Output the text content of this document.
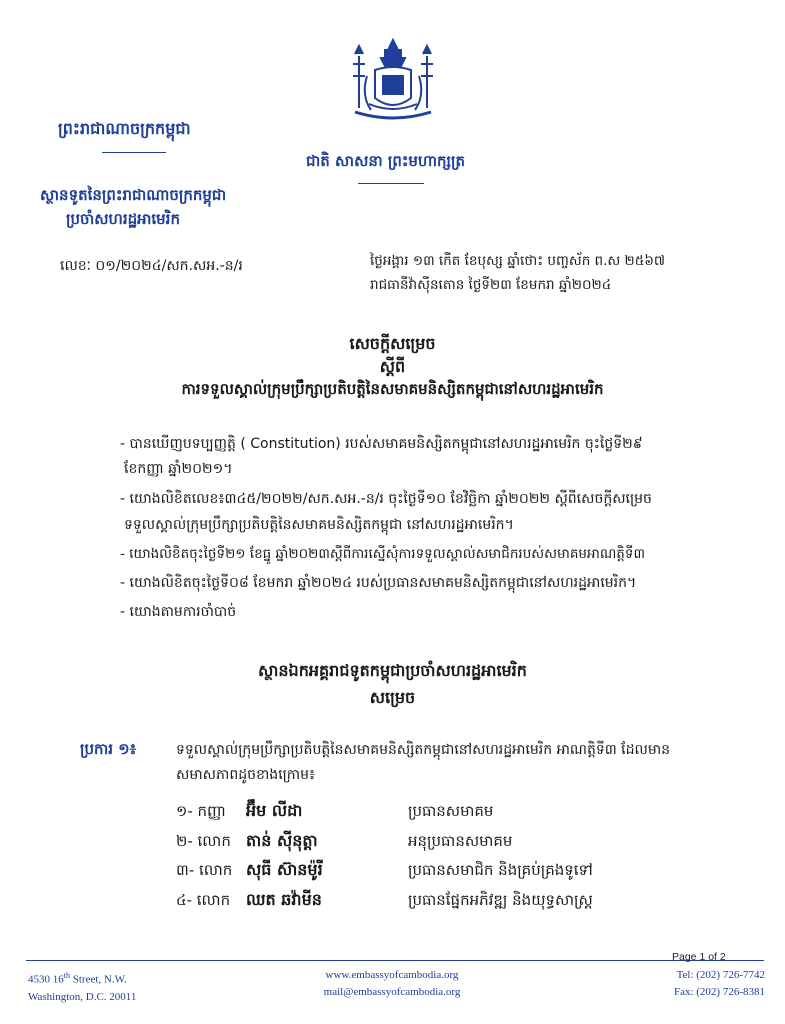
ព្រះរាជាណាចក្រកម្ពុជា
ជាតិ សាសនា ព្រះមហាក្សត្រ
ស្ថានទូតនៃព្រះរាជាណាចក្រកម្ពុជា
ប្រចាំសហរដ្ឋអាមេរិក
លេខៈ ០១/២០២៤/សក.សអ.-ន/រ	ថ្ងៃអង្គារ ១៣ កើត ខែបុស្ស ឆ្នាំថោះ បញ្ចស័ក ព.ស ២៥៦៧
រាជធានីវ៉ាស៊ីនតោន ថ្ងៃទី២៣ ខែមករា ឆ្នាំ២០២៤
សេចក្តីសម្រេច
ស្តីពី
ការទទួលស្គាល់ក្រុមប្រឹក្សាប្រតិបត្តិនៃសមាគមនិស្សិតកម្ពុជានៅសហរដ្ឋអាមេរិក
- បានឃើញបទប្បញ្ញត្តិ ( Constitution) របស់សមាគមនិស្សិតកម្ពុជានៅសហរដ្ឋអាមេរិក ចុះថ្ងៃទី២៩
ខែកញ្ញា ឆ្នាំ២០២១។
- យោងលិខិតលេខ៖៣៤៥/២០២២/សក.សអ.-ន/រ ចុះថ្ងៃទី១០ ខែវិច្ឆិកា ឆ្នាំ២០២២ ស្តីពីសេចក្តីសម្រេច
ទទួលស្គាល់ក្រុមប្រឹក្សាប្រតិបត្តិនៃសមាគមនិស្សិតកម្ពុជា នៅសហរដ្ឋអាមេរិក។
- យោងលិខិតចុះថ្ងៃទី២១ ខែធ្នូ ឆ្នាំ២០២៣ស្តីពីការស្នើសុំការទទួលស្គាល់សមាជិករបស់សមាគមអាណត្តិទី៣
- យោងលិខិតចុះថ្ងៃទី០៨ ខែមករា ឆ្នាំ២០២៤ របស់ប្រធានសមាគមនិស្សិតកម្ពុជានៅសហរដ្ឋអាមេរិក។
- យោងតាមការចាំបាច់
ស្ថានឯកអគ្គរាជទូតកម្ពុជាប្រចាំសហរដ្ឋអាមេរិក
សម្រេច
ប្រការ ១៖	ទទួលស្គាល់ក្រុមប្រឹក្សាប្រតិបត្តិនៃសមាគមនិស្សិតកម្ពុជានៅសហរដ្ឋអាមេរិក អាណត្តិទី៣ ដែលមាន
សមាសភាពដូចខាងក្រោម៖
១- កញ្ញា អ៊ឹម លីដា	ប្រធានសមាគម
២- លោក តាន់ ស៊ីនុត្តា	អនុប្រធានសមាគម
៣- លោក សុធី ស៊ានម៉ូរី	ប្រធានសមាជិក និងគ្រប់គ្រងទូទៅ
៤- លោក ឈត ឆវ៉ាមីន	ប្រធានផ្នែកអភិវឌ្ឍ និងយុទ្ធសាស្ត្រ
Page 1 of 2
4530 16th Street, N.W.
Washington, D.C. 20011
www.embassyofcambodia.org
mail@embassyofcambodia.org
Tel: (202) 726-7742
Fax: (202) 726-8381
